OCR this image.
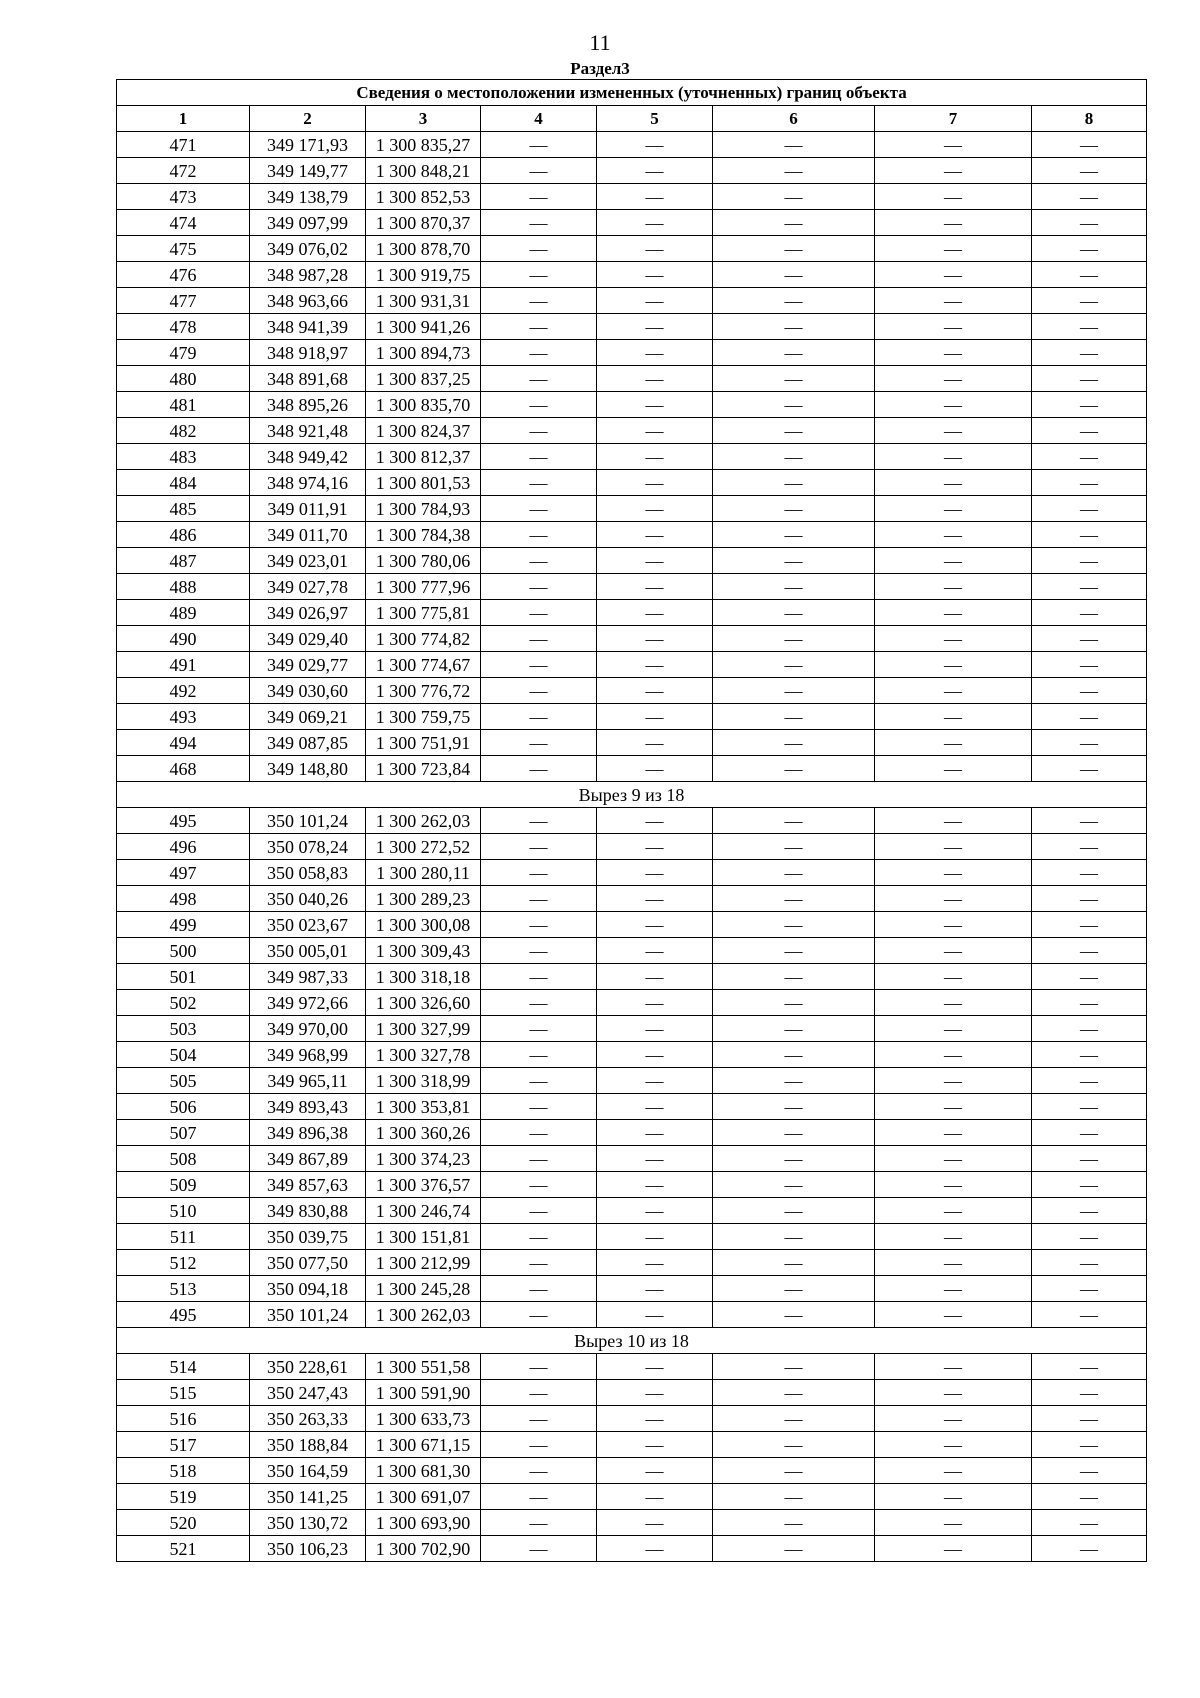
11
Раздел3
Сведения о местоположении измененных (уточненных) границ объекта							
1	2	3	4	5	6	7	8
471	349 171,93	1 300 835,27	—	—	—	—	—
472	349 149,77	1 300 848,21	—	—	—	—	—
473	349 138,79	1 300 852,53	—	—	—	—	—
474	349 097,99	1 300 870,37	—	—	—	—	—
475	349 076,02	1 300 878,70	—	—	—	—	—
476	348 987,28	1 300 919,75	—	—	—	—	—
477	348 963,66	1 300 931,31	—	—	—	—	—
478	348 941,39	1 300 941,26	—	—	—	—	—
479	348 918,97	1 300 894,73	—	—	—	—	—
480	348 891,68	1 300 837,25	—	—	—	—	—
481	348 895,26	1 300 835,70	—	—	—	—	—
482	348 921,48	1 300 824,37	—	—	—	—	—
483	348 949,42	1 300 812,37	—	—	—	—	—
484	348 974,16	1 300 801,53	—	—	—	—	—
485	349 011,91	1 300 784,93	—	—	—	—	—
486	349 011,70	1 300 784,38	—	—	—	—	—
487	349 023,01	1 300 780,06	—	—	—	—	—
488	349 027,78	1 300 777,96	—	—	—	—	—
489	349 026,97	1 300 775,81	—	—	—	—	—
490	349 029,40	1 300 774,82	—	—	—	—	—
491	349 029,77	1 300 774,67	—	—	—	—	—
492	349 030,60	1 300 776,72	—	—	—	—	—
493	349 069,21	1 300 759,75	—	—	—	—	—
494	349 087,85	1 300 751,91	—	—	—	—	—
468	349 148,80	1 300 723,84	—	—	—	—	—
Вырез 9 из 18							
495	350 101,24	1 300 262,03	—	—	—	—	—
496	350 078,24	1 300 272,52	—	—	—	—	—
497	350 058,83	1 300 280,11	—	—	—	—	—
498	350 040,26	1 300 289,23	—	—	—	—	—
499	350 023,67	1 300 300,08	—	—	—	—	—
500	350 005,01	1 300 309,43	—	—	—	—	—
501	349 987,33	1 300 318,18	—	—	—	—	—
502	349 972,66	1 300 326,60	—	—	—	—	—
503	349 970,00	1 300 327,99	—	—	—	—	—
504	349 968,99	1 300 327,78	—	—	—	—	—
505	349 965,11	1 300 318,99	—	—	—	—	—
506	349 893,43	1 300 353,81	—	—	—	—	—
507	349 896,38	1 300 360,26	—	—	—	—	—
508	349 867,89	1 300 374,23	—	—	—	—	—
509	349 857,63	1 300 376,57	—	—	—	—	—
510	349 830,88	1 300 246,74	—	—	—	—	—
511	350 039,75	1 300 151,81	—	—	—	—	—
512	350 077,50	1 300 212,99	—	—	—	—	—
513	350 094,18	1 300 245,28	—	—	—	—	—
495	350 101,24	1 300 262,03	—	—	—	—	—
Вырез 10 из 18							
514	350 228,61	1 300 551,58	—	—	—	—	—
515	350 247,43	1 300 591,90	—	—	—	—	—
516	350 263,33	1 300 633,73	—	—	—	—	—
517	350 188,84	1 300 671,15	—	—	—	—	—
518	350 164,59	1 300 681,30	—	—	—	—	—
519	350 141,25	1 300 691,07	—	—	—	—	—
520	350 130,72	1 300 693,90	—	—	—	—	—
521	350 106,23	1 300 702,90	—	—	—	—	—
